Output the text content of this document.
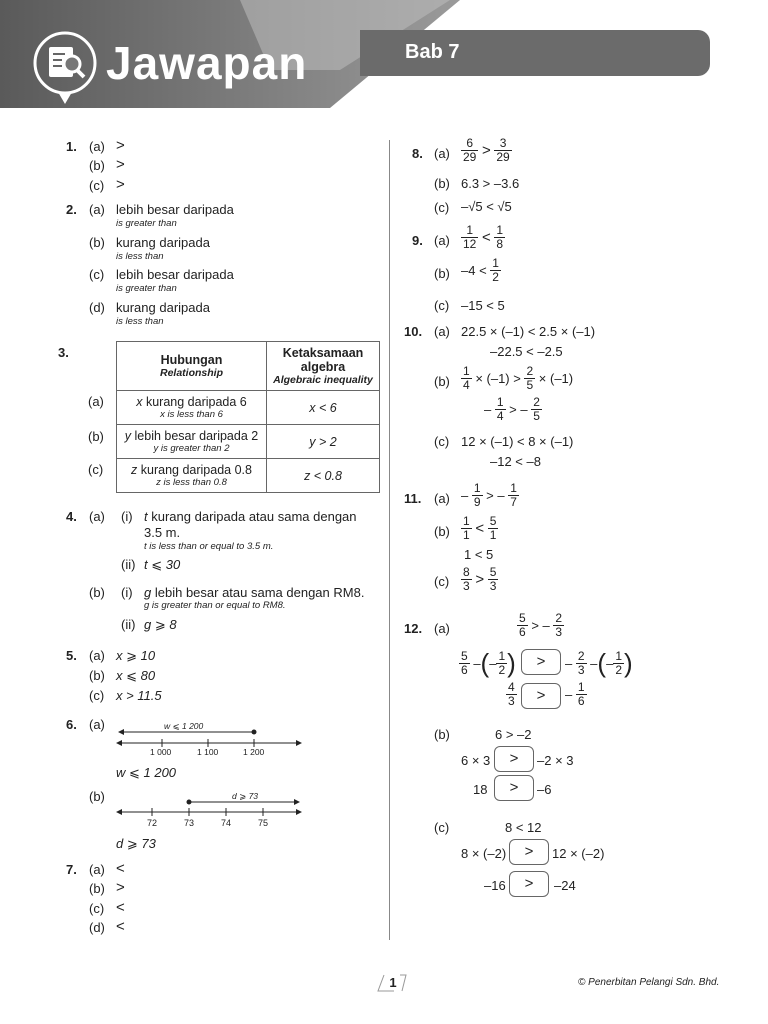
Jawapan	Bab 7
1. (a) >
(b) >
(c) >
2. (a) lebih besar daripada
is greater than
(b) kurang daripada
is less than
(c) lebih besar daripada
is greater than
(d) kurang daripada
is less than
3.
(a)
(b)
(c)
Hubungan
Relationship	Ketaksamaan algebra
Algebraic inequality

x kurang daripada 6
x is less than 6	x < 6
y lebih besar daripada 2
y is greater than 2	y > 2
z kurang daripada 0.8
z is less than 0.8	z < 0.8
4. (a) (i) t kurang daripada atau sama dengan
3.5 m.
t is less than or equal to 3.5 m.
(ii) t ⩽ 30
(b) (i) g lebih besar atau sama dengan RM8.
g is greater than or equal to RM8.
(ii) g ⩾ 8
5. (a) x ⩾ 10
(b) x ⩽ 80
(c) x > 11.5
6. (a)	w ⩽ 1 200
1 000	1 100	1 200
w ⩽ 1 200
(b)	d ⩾ 73
72	73	74	75
d ⩾ 73
7. (a) <
(b) >
(c) <
(d) <
8. $(a) \frac{6}{29} > \frac{3}{29}$
(b) 6.3 > –3.6
(c) –√5 < √5
9. $(a) \frac{1}{12} < \frac{1}{8}$
(b) $-4 < \frac{1}{2}$
(c) –15 < 5
10. (a) 22.5 × (–1) < 2.5 × (–1)
–22.5 < –2.5
$(b) \frac{1}{4} \times (-1) > \frac{2}{5} \times (-1)$
– $\frac{1}{4}$ > – $\frac{2}{5}$
(c) 12 × (–1) < 8 × (–1)
–12 < –8
11. $(a) - \frac{1}{9}$ > – $\frac{1}{7}$
$(b) \frac{1}{1} < \frac{5}{1}$
1 < 5
$(c) \frac{8}{3} > \frac{5}{3}$
12. (a)	$\frac{5}{6}$ > – $\frac{2}{3}$
$\frac{5}{6}$ –(– $\frac{1}{2}$ )	>	– $\frac{2}{3}$ –(– $\frac{1}{2}$ )
$\frac{4}{3}$	>	– $\frac{1}{6}$
(b)	6 > –2
6 × 3	>	–2 × 3
18	>	–6
(c)	8 < 12
8 × (–2)	>	12 × (–2)
–16	>	–24
1	© Penerbitan Pelangi Sdn. Bhd.
